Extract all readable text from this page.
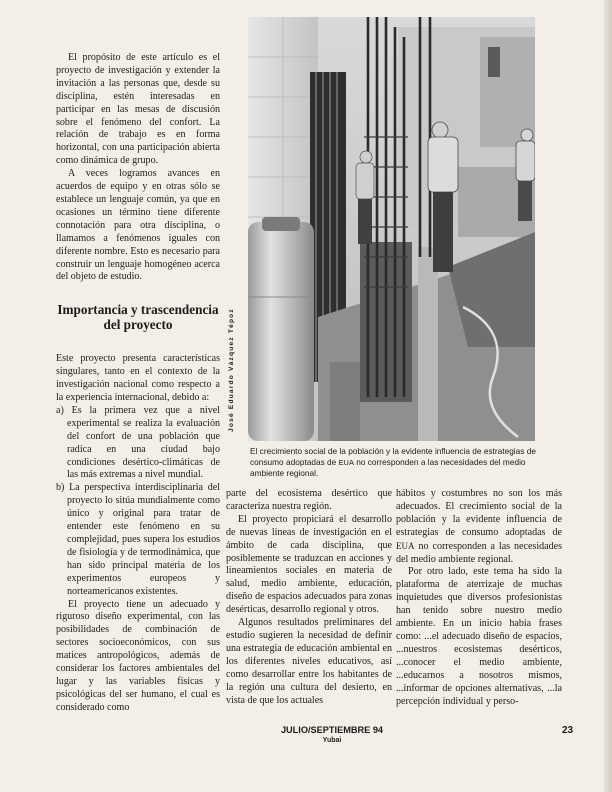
El propósito de este artículo es el proyecto de investigación y extender la invitación a las personas que, desde su disciplina, estén interesadas en participar en las mesas de discusión sobre el fenómeno del confort. La relación de trabajo es en forma horizontal, con una participación abierta como dinámica de grupo.

A veces logramos avances en acuerdos de equipo y en otras sólo se establece un lenguaje común, ya que en ocasiones un término tiene diferente connotación para otra disciplina, o llamamos a fenómenos iguales con diferente nombre. Esto es necesario para construir un lenguaje homogéneo acerca del objeto de estudio.

Importancia y trascendencia del proyecto

Este proyecto presenta características singulares, tanto en el contexto de la investigación nacional como respecto a la experiencia internacional, debido a:

a) Es la primera vez que a nivel experimental se realiza la evaluación del confort de una población que radica en una ciudad bajo condiciones desértico-climáticas de las más extremas a nivel mundial.

b) La perspectiva interdisciplinaria del proyecto lo sitúa mundialmente como único y original para tratar de entender este fenómeno en su complejidad, pues supera los estudios de fisiología y de termodinámica, que han sido principal materia de los experimentos europeos y norteamericanos existentes.

El proyecto tiene un adecuado y riguroso diseño experimental, con las posibilidades de combinación de sectores socioeconómicos, con sus matices antropológicos, además de considerar los factores ambientales del lugar y las variables físicas y psicológicas del ser humano, el cual es considerado como

José Eduardo Vázquez Tépoz
El crecimiento social de la población y la evidente influencia de estrategias de consumo adoptadas de EUA no corresponden a las necesidades del medio ambiente regional.

parte del ecosistema desértico que caracteriza nuestra región.

El proyecto propiciará el desarrollo de nuevas líneas de investigación en el ámbito de cada disciplina, que posiblemente se traduzcan en acciones y lineamientos sociales en materia de salud, medio ambiente, educación, diseño de espacios adecuados para zonas desérticas, desarrollo regional y otros.

Algunos resultados preliminares del estudio sugieren la necesidad de definir una estrategia de educación ambiental en los diferentes niveles educativos, así como desarrollar entre los habitantes de la región una cultura del desierto, en vista de que los actuales

hábitos y costumbres no son los más adecuados. El crecimiento social de la población y la evidente influencia de estrategias de consumo adoptadas de EUA no corresponden a las necesidades del medio ambiente regional.

Por otro lado, este tema ha sido la plataforma de aterrizaje de muchas inquietudes que diversos profesionistas han tenido sobre nuestro medio ambiente. En un inicio había frases como: ...el adecuado diseño de espacios, ...nuestros ecosistemas desérticos, ...conocer el medio ambiente, ...educarnos a nosotros mismos, ...informar de opciones alternativas, ...la percepción individual y perso-

JULIO/SEPTIEMBRE 94
Yubai
23
